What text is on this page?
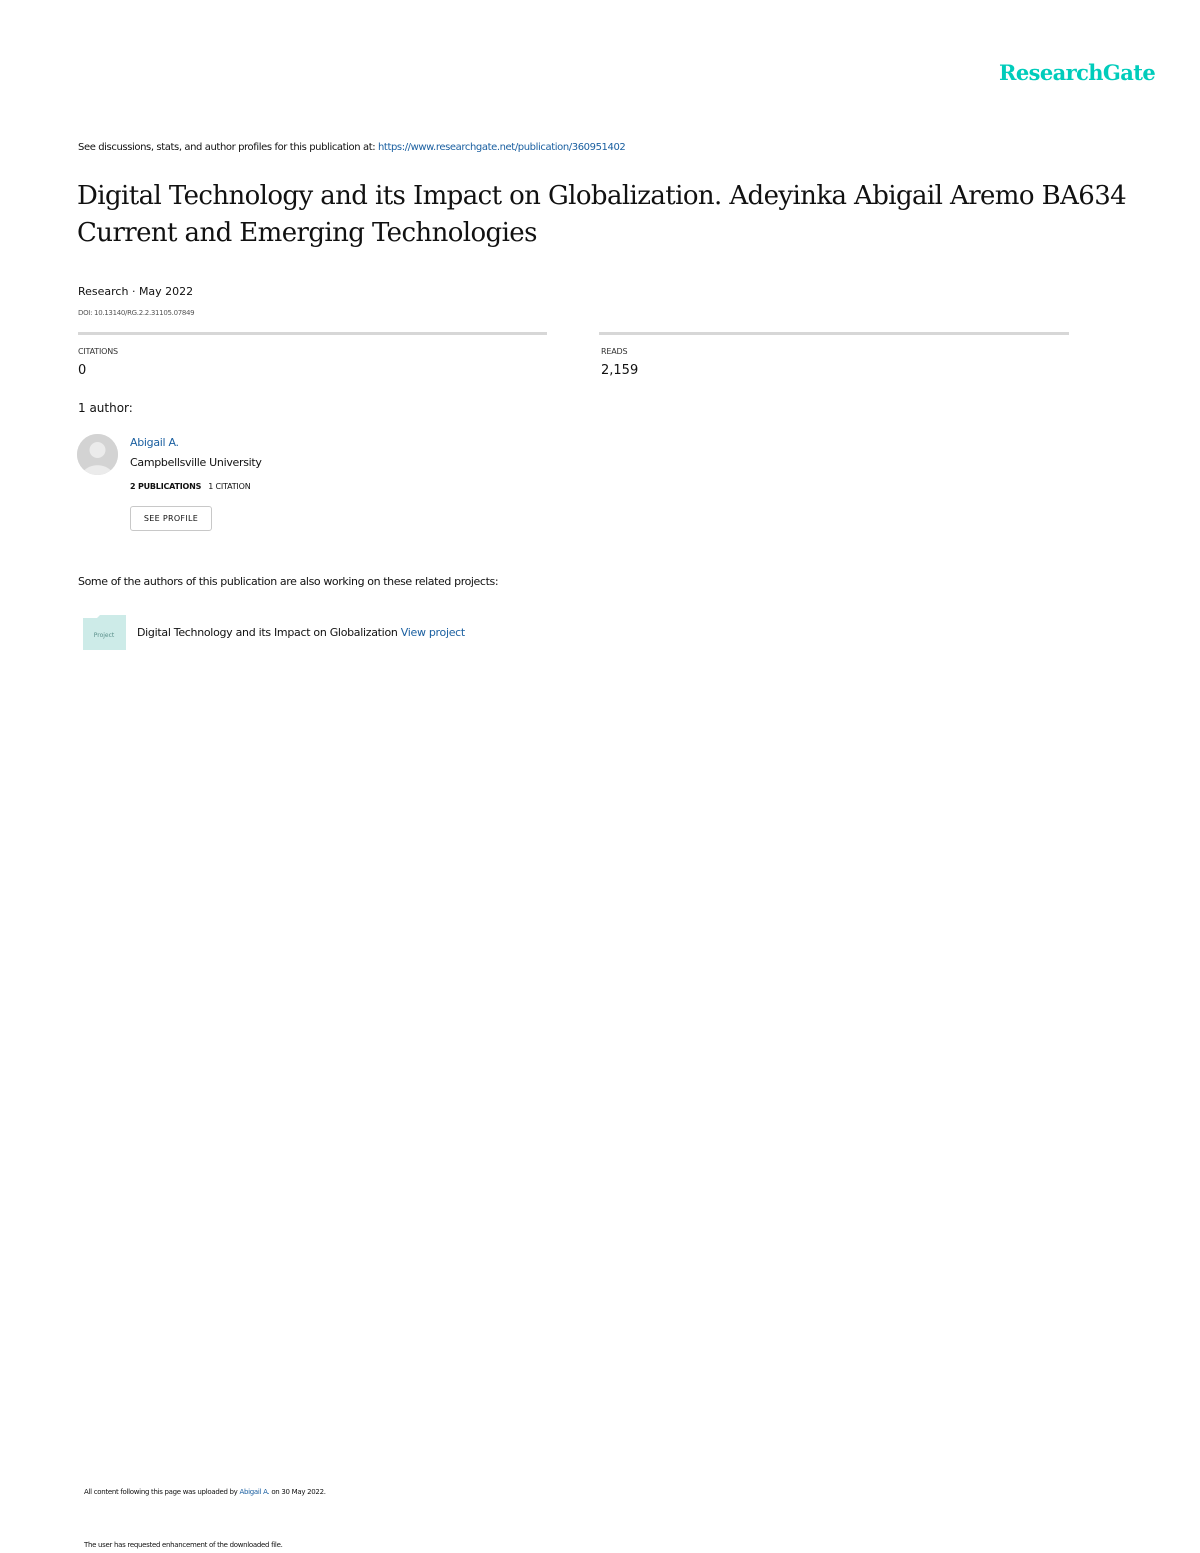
ResearchGate
See discussions, stats, and author profiles for this publication at: https://www.researchgate.net/publication/360951402
Digital Technology and its Impact on Globalization. Adeyinka Abigail Aremo BA634 Current and Emerging Technologies
Research · May 2022
DOI: 10.13140/RG.2.2.31105.07849
CITATIONS
0
READS
2,159
1 author:
Abigail A.
Campbellsville University
2 PUBLICATIONS 1 CITATION
SEE PROFILE
Some of the authors of this publication are also working on these related projects:
Project Digital Technology and its Impact on Globalization View project
All content following this page was uploaded by Abigail A. on 30 May 2022.
The user has requested enhancement of the downloaded file.
